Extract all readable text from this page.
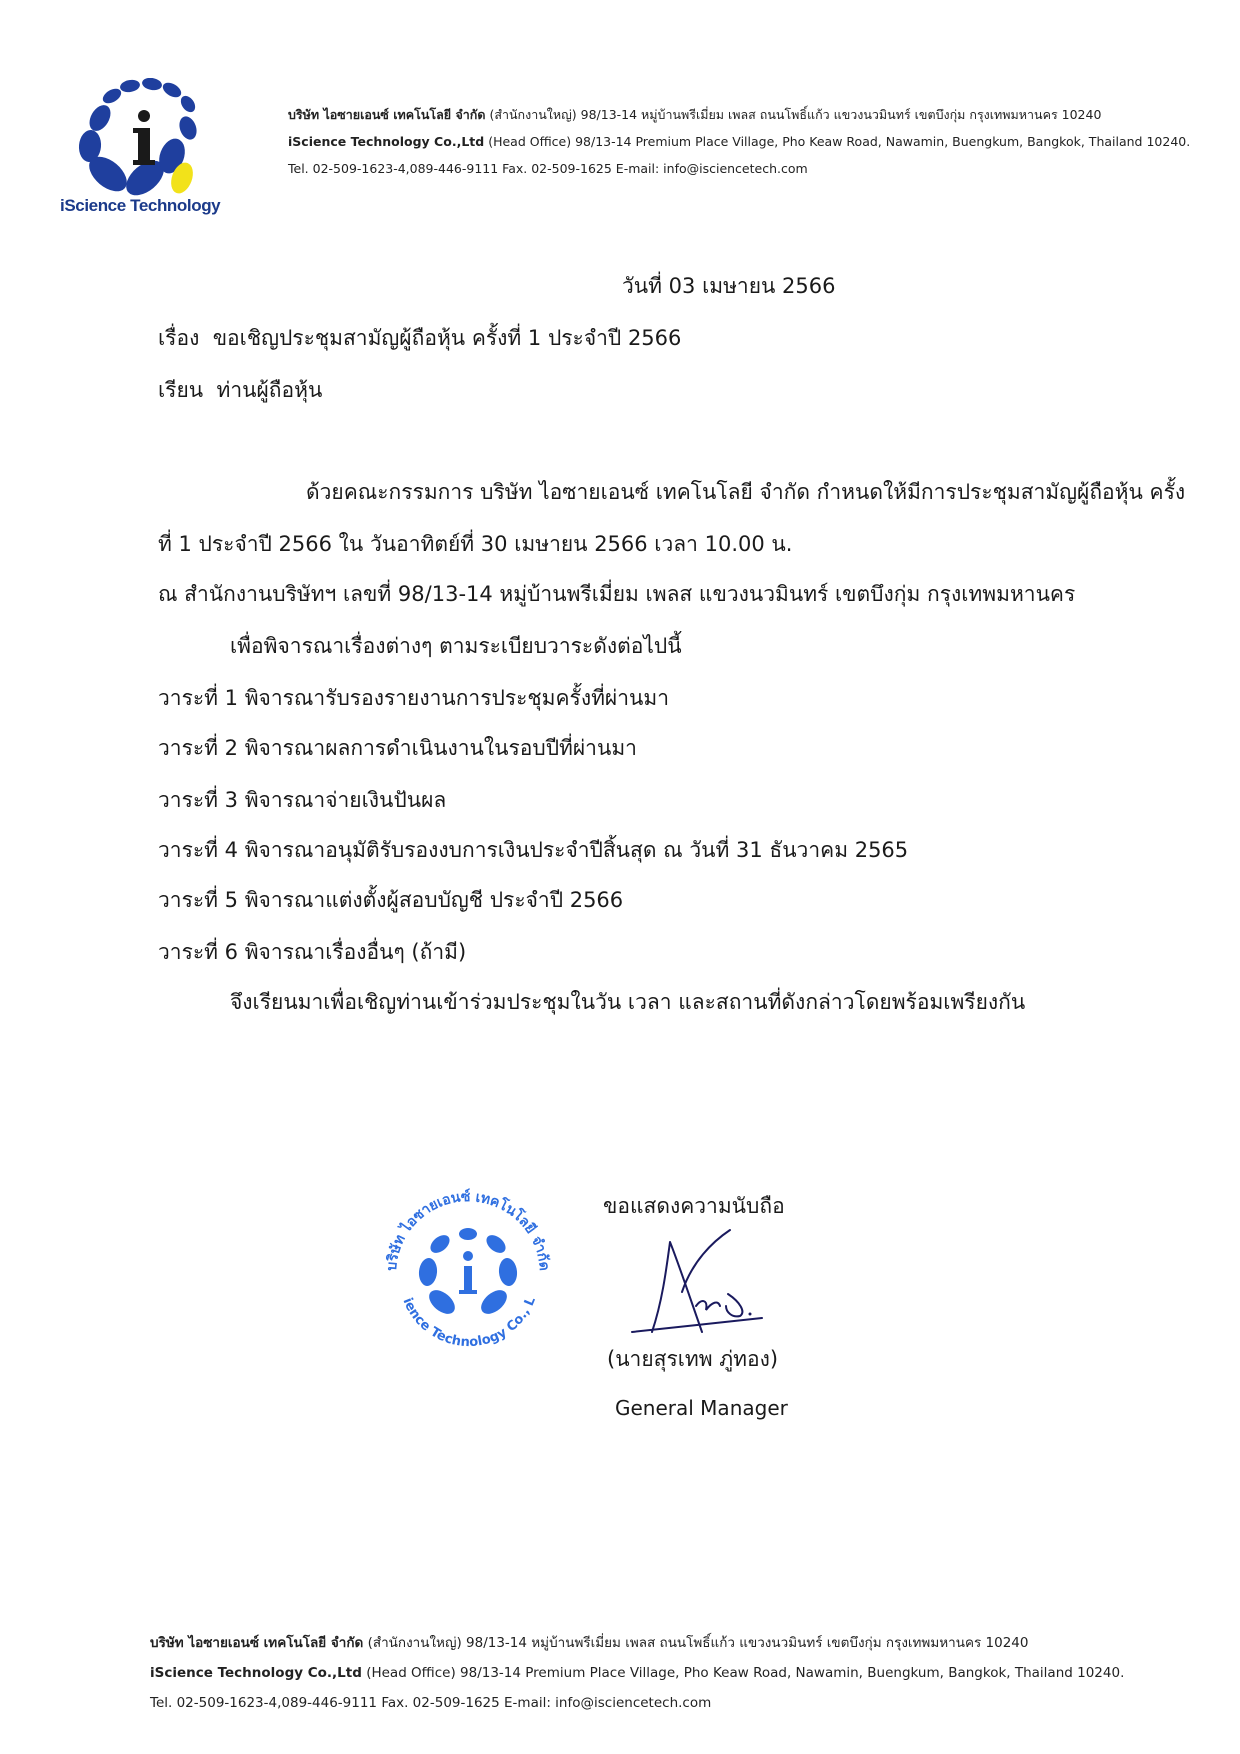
iScience Technology
บริษัท ไอซายเอนซ์ เทคโนโลยี จำกัด (สำนักงานใหญ่) 98/13-14 หมู่บ้านพรีเมี่ยม เพลส ถนนโพธิ์แก้ว แขวงนวมินทร์ เขตบึงกุ่ม กรุงเทพมหานคร 10240
iScience Technology Co.,Ltd (Head Office) 98/13-14 Premium Place Village, Pho Keaw Road, Nawamin, Buengkum, Bangkok, Thailand 10240.
Tel. 02-509-1623-4,089-446-9111 Fax. 02-509-1625 E-mail: info@isciencetech.com
วันที่ 03 เมษายน 2566
เรื่อง ขอเชิญประชุมสามัญผู้ถือหุ้น ครั้งที่ 1 ประจำปี 2566
เรียน ท่านผู้ถือหุ้น
ด้วยคณะกรรมการ บริษัท ไอซายเอนซ์ เทคโนโลยี จำกัด กำหนดให้มีการประชุมสามัญผู้ถือหุ้น ครั้ง
ที่ 1 ประจำปี 2566 ใน วันอาทิตย์ที่ 30 เมษายน 2566 เวลา 10.00 น.
ณ สำนักงานบริษัทฯ เลขที่ 98/13-14 หมู่บ้านพรีเมี่ยม เพลส แขวงนวมินทร์ เขตบึงกุ่ม กรุงเทพมหานคร
เพื่อพิจารณาเรื่องต่างๆ ตามระเบียบวาระดังต่อไปนี้
วาระที่ 1 พิจารณารับรองรายงานการประชุมครั้งที่ผ่านมา
วาระที่ 2 พิจารณาผลการดำเนินงานในรอบปีที่ผ่านมา
วาระที่ 3 พิจารณาจ่ายเงินปันผล
วาระที่ 4 พิจารณาอนุมัติรับรองงบการเงินประจำปีสิ้นสุด ณ วันที่ 31 ธันวาคม 2565
วาระที่ 5 พิจารณาแต่งตั้งผู้สอบบัญชี ประจำปี 2566
วาระที่ 6 พิจารณาเรื่องอื่นๆ (ถ้ามี)
จึงเรียนมาเพื่อเชิญท่านเข้าร่วมประชุมในวัน เวลา และสถานที่ดังกล่าวโดยพร้อมเพรียงกัน
บริษัท ไอซายเอนซ์ เทคโนโลยี จำกัด
ience Technology Co., L
ขอแสดงความนับถือ
(นายสุรเทพ ภู่ทอง)
General Manager
บริษัท ไอซายเอนซ์ เทคโนโลยี จำกัด (สำนักงานใหญ่) 98/13-14 หมู่บ้านพรีเมี่ยม เพลส ถนนโพธิ์แก้ว แขวงนวมินทร์ เขตบึงกุ่ม กรุงเทพมหานคร 10240
iScience Technology Co.,Ltd (Head Office) 98/13-14 Premium Place Village, Pho Keaw Road, Nawamin, Buengkum, Bangkok, Thailand 10240.
Tel. 02-509-1623-4,089-446-9111 Fax. 02-509-1625 E-mail: info@isciencetech.com
